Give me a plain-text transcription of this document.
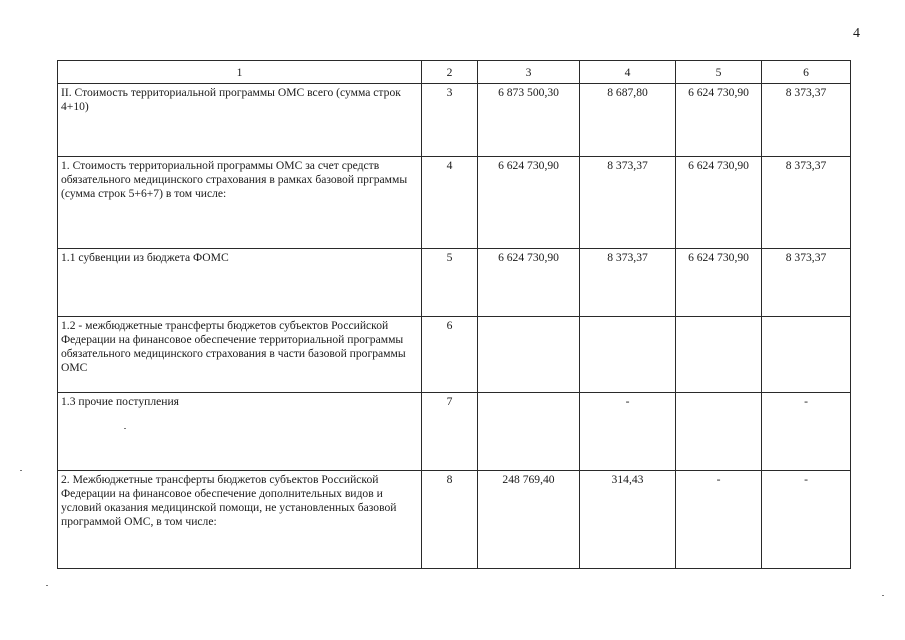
4
1	2	3	4	5	6
II. Стоимость территориальной программы ОМС всего (сумма строк 4+10)	3	6 873 500,30	8 687,80	6 624 730,90	8 373,37
1. Стоимость территориальной программы ОМС за счет средств обязательного медицинского страхования в рамках базовой прграммы (сумма строк 5+6+7) в том числе:	4	6 624 730,90	8 373,37	6 624 730,90	8 373,37
1.1 субвенции из бюджета ФОМС	5	6 624 730,90	8 373,37	6 624 730,90	8 373,37
1.2 - межбюджетные трансферты бюджетов субъектов Российской Федерации на финансовое обеспечение территориальной программы обязательного медицинского страхования в части базовой программы ОМС	6				
1.3 прочие поступления	7		-		-
2. Межбюджетные трансферты бюджетов субъектов Российской Федерации на финансовое обеспечение дополнительных видов и условий оказания медицинской помощи, не установленных базовой программой ОМС, в том числе:	8	248 769,40	314,43	-	-
